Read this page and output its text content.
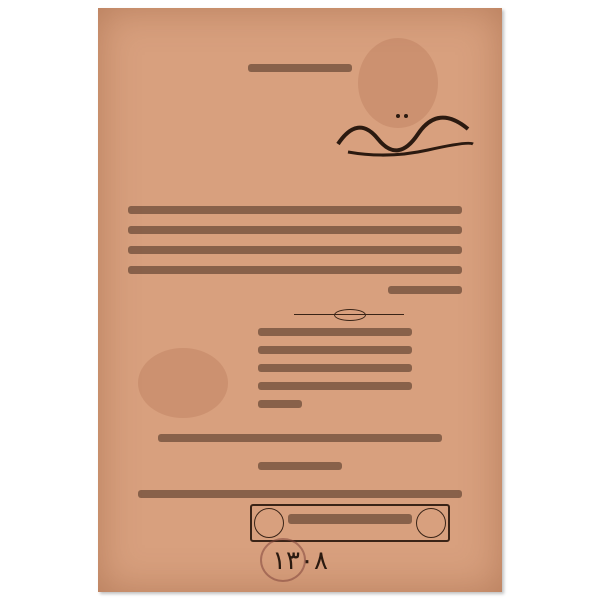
١٣٠٨
